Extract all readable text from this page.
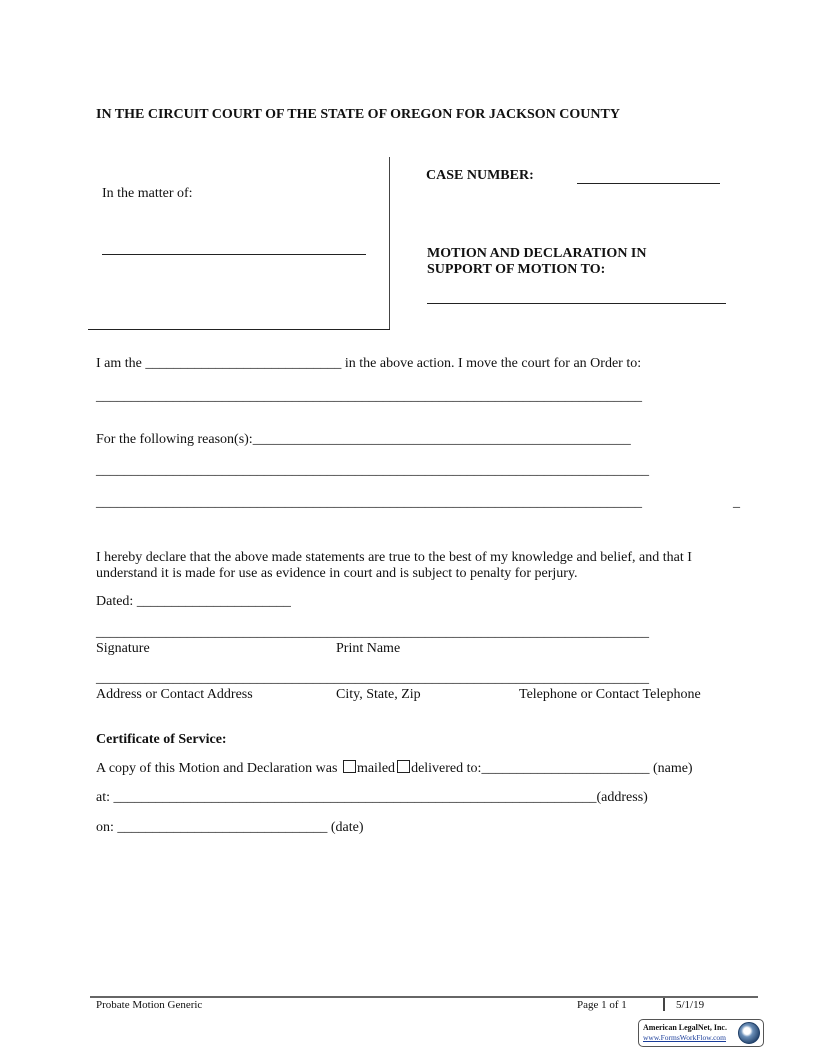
IN THE CIRCUIT COURT OF THE STATE OF OREGON FOR JACKSON COUNTY
In the matter of:
CASE NUMBER:
MOTION AND DECLARATION IN
SUPPORT OF MOTION TO:
I am the ____________________________ in the above action. I move the court for an Order to:
______________________________________________________________________________
For the following reason(s):______________________________________________________
_______________________________________________________________________________
______________________________________________________________________________	_
I hereby declare that the above made statements are true to the best of my knowledge and belief, and that I
understand it is made for use as evidence in court and is subject to penalty for perjury.
Dated: ______________________
_______________________________________________________________________________
Signature	Print Name
_______________________________________________________________________________
Address or Contact Address	City, State, Zip	Telephone or Contact Telephone
Certificate of Service:
A copy of this Motion and Declaration was mailed delivered to:________________________ (name)
at: _____________________________________________________________________(address)
on: ______________________________ (date)
Probate Motion Generic	Page 1 of 1	5/1/19
American LegalNet, Inc.
www.FormsWorkFlow.com
